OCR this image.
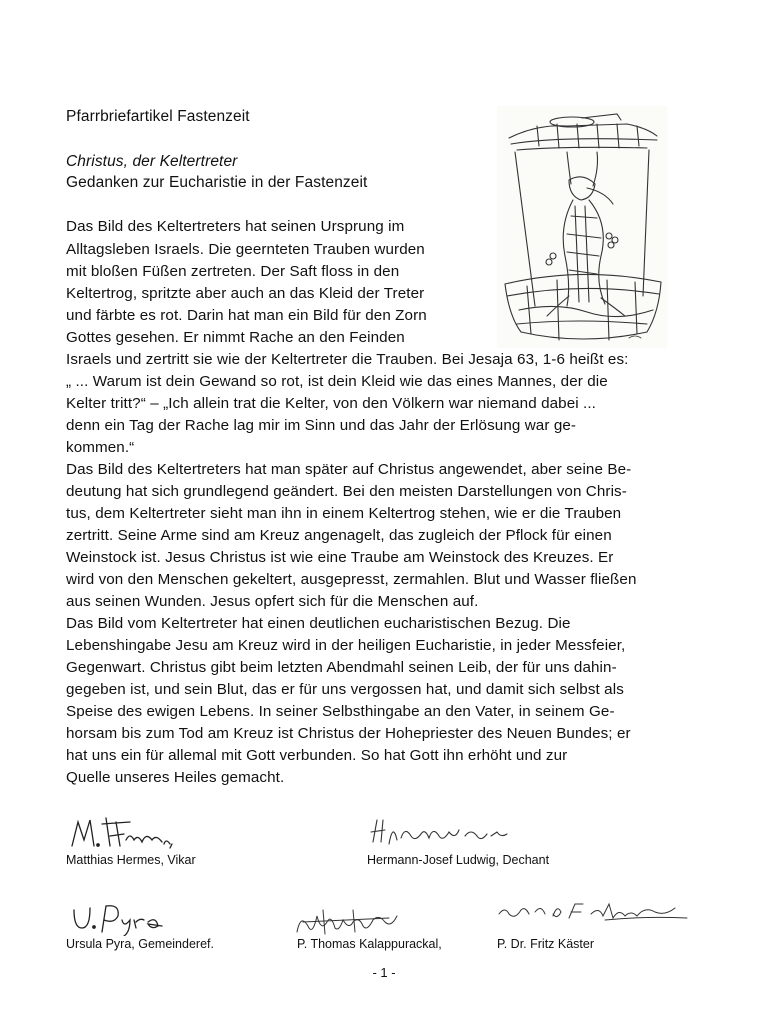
Pfarrbriefartikel Fastenzeit
Christus, der Keltertreter
Gedanken zur Eucharistie in der Fastenzeit
Das Bild des Keltertreters hat seinen Ursprung im
Alltagsleben Israels. Die geernteten Trauben wurden
mit bloßen Füßen zertreten. Der Saft floss in den
Keltertrog, spritzte aber auch an das Kleid der Treter
und färbte es rot. Darin hat man ein Bild für den Zorn
Gottes gesehen. Er nimmt Rache an den Feinden
Israels und zertritt sie wie der Keltertreter die Trauben. Bei Jesaja 63, 1-6 heißt es:
„ ... Warum ist dein Gewand so rot, ist dein Kleid wie das eines Mannes, der die
Kelter tritt?“ – „Ich allein trat die Kelter, von den Völkern war niemand dabei ...
denn ein Tag der Rache lag mir im Sinn und das Jahr der Erlösung war ge-
kommen.“
Das Bild des Keltertreters hat man später auf Christus angewendet, aber seine Be-
deutung hat sich grundlegend geändert. Bei den meisten Darstellungen von Chris-
tus, dem Keltertreter sieht man ihn in einem Keltertrog stehen, wie er die Trauben
zertritt. Seine Arme sind am Kreuz angenagelt, das zugleich der Pflock für einen
Weinstock ist. Jesus Christus ist wie eine Traube am Weinstock des Kreuzes. Er
wird von den Menschen gekeltert, ausgepresst, zermahlen. Blut und Wasser fließen
aus seinen Wunden. Jesus opfert sich für die Menschen auf.
Das Bild vom Keltertreter hat einen deutlichen eucharistischen Bezug. Die
Lebenshingabe Jesu am Kreuz wird in der heiligen Eucharistie, in jeder Messfeier,
Gegenwart. Christus gibt beim letzten Abendmahl seinen Leib, der für uns dahin-
gegeben ist, und sein Blut, das er für uns vergossen hat, und damit sich selbst als
Speise des ewigen Lebens. In seiner Selbsthingabe an den Vater, in seinem Ge-
horsam bis zum Tod am Kreuz ist Christus der Hohepriester des Neuen Bundes; er
hat uns ein für allemal mit Gott verbunden. So hat Gott ihn erhöht und zur
Quelle unseres Heiles gemacht.
Matthias Hermes, Vikar	Hermann-Josef Ludwig, Dechant
Ursula Pyra, Gemeinderef.	P. Thomas Kalappurackal,	P. Dr. Fritz Käster
- 1 -
